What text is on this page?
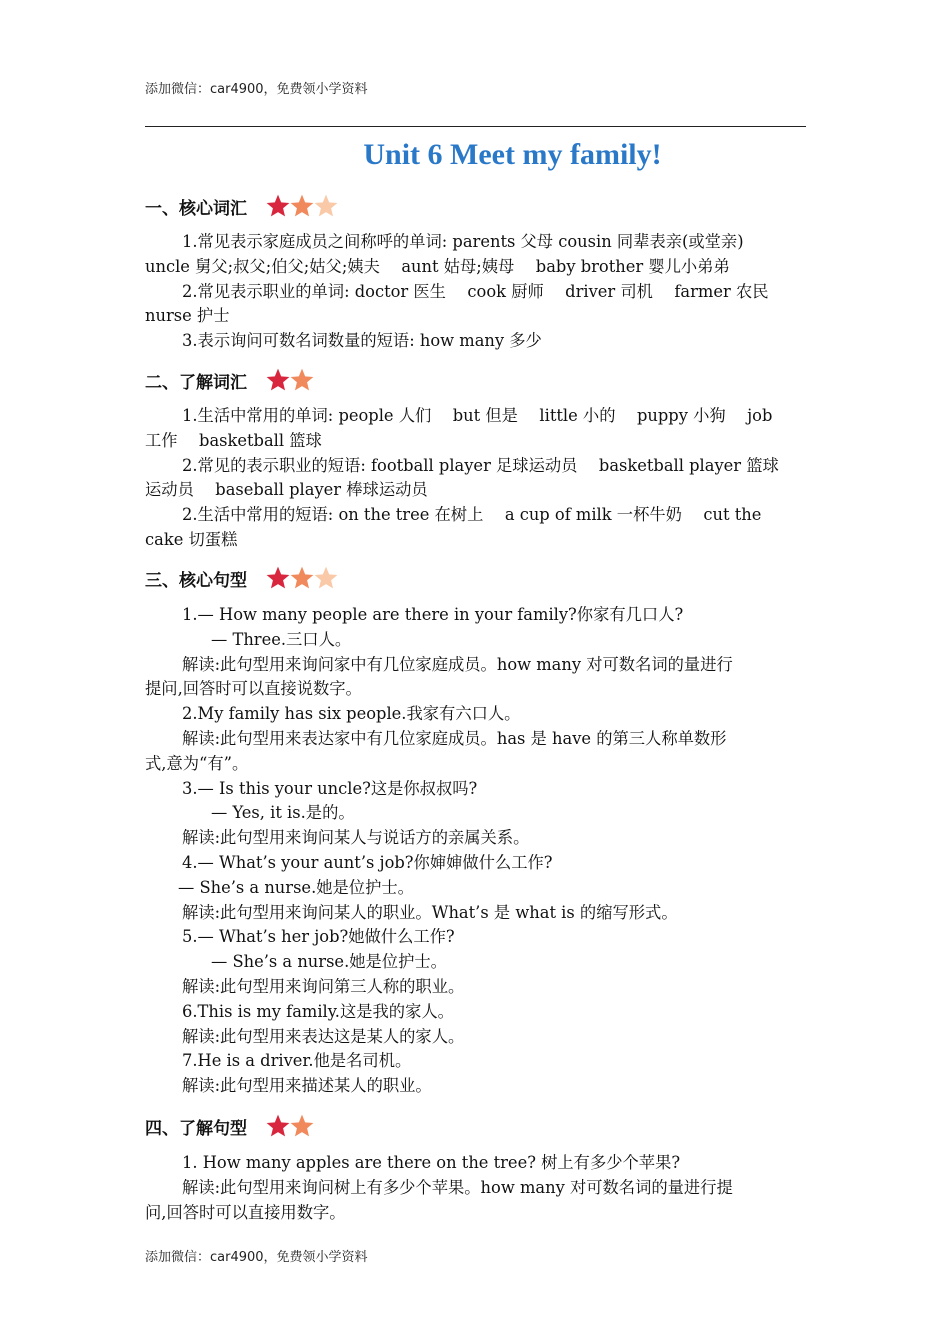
添加微信：car4900，免费领小学资料
Unit 6 Meet my family!
一、核心词汇

1.常见表示家庭成员之间称呼的单词: parents 父母 cousin 同辈表亲(或堂亲)

uncle 舅父;叔父;伯父;姑父;姨夫　 aunt 姑母;姨母　 baby brother 婴儿小弟弟

2.常见表示职业的单词: doctor 医生　 cook 厨师　 driver 司机　 farmer 农民

nurse 护士

3.表示询问可数名词数量的短语: how many 多少

二、了解词汇

1.生活中常用的单词: people 人们　 but 但是　 little 小的　 puppy 小狗　 job

工作　 basketball 篮球

2.常见的表示职业的短语: football player 足球运动员　 basketball player 篮球

运动员　 baseball player 棒球运动员

2.生活中常用的短语: on the tree 在树上　 a cup of milk 一杯牛奶　 cut the

cake 切蛋糕

三、核心句型

1.— How many people are there in your family?你家有几口人?

— Three.三口人。

解读:此句型用来询问家中有几位家庭成员。how many 对可数名词的量进行

提问,回答时可以直接说数字。

2.My family has six people.我家有六口人。

解读:此句型用来表达家中有几位家庭成员。has 是 have 的第三人称单数形

式,意为“有”。

3.— Is this your uncle?这是你叔叔吗?

— Yes, it is.是的。

解读:此句型用来询问某人与说话方的亲属关系。

4.— What’s your aunt’s job?你婶婶做什么工作?

— She’s a nurse.她是位护士。

解读:此句型用来询问某人的职业。What’s 是 what is 的缩写形式。

5.— What’s her job?她做什么工作?

— She’s a nurse.她是位护士。

解读:此句型用来询问第三人称的职业。

6.This is my family.这是我的家人。

解读:此句型用来表达这是某人的家人。

7.He is a driver.他是名司机。

解读:此句型用来描述某人的职业。

四、了解句型

1. How many apples are there on the tree? 树上有多少个苹果?

解读:此句型用来询问树上有多少个苹果。how many 对可数名词的量进行提

问,回答时可以直接用数字。

添加微信：car4900，免费领小学资料
